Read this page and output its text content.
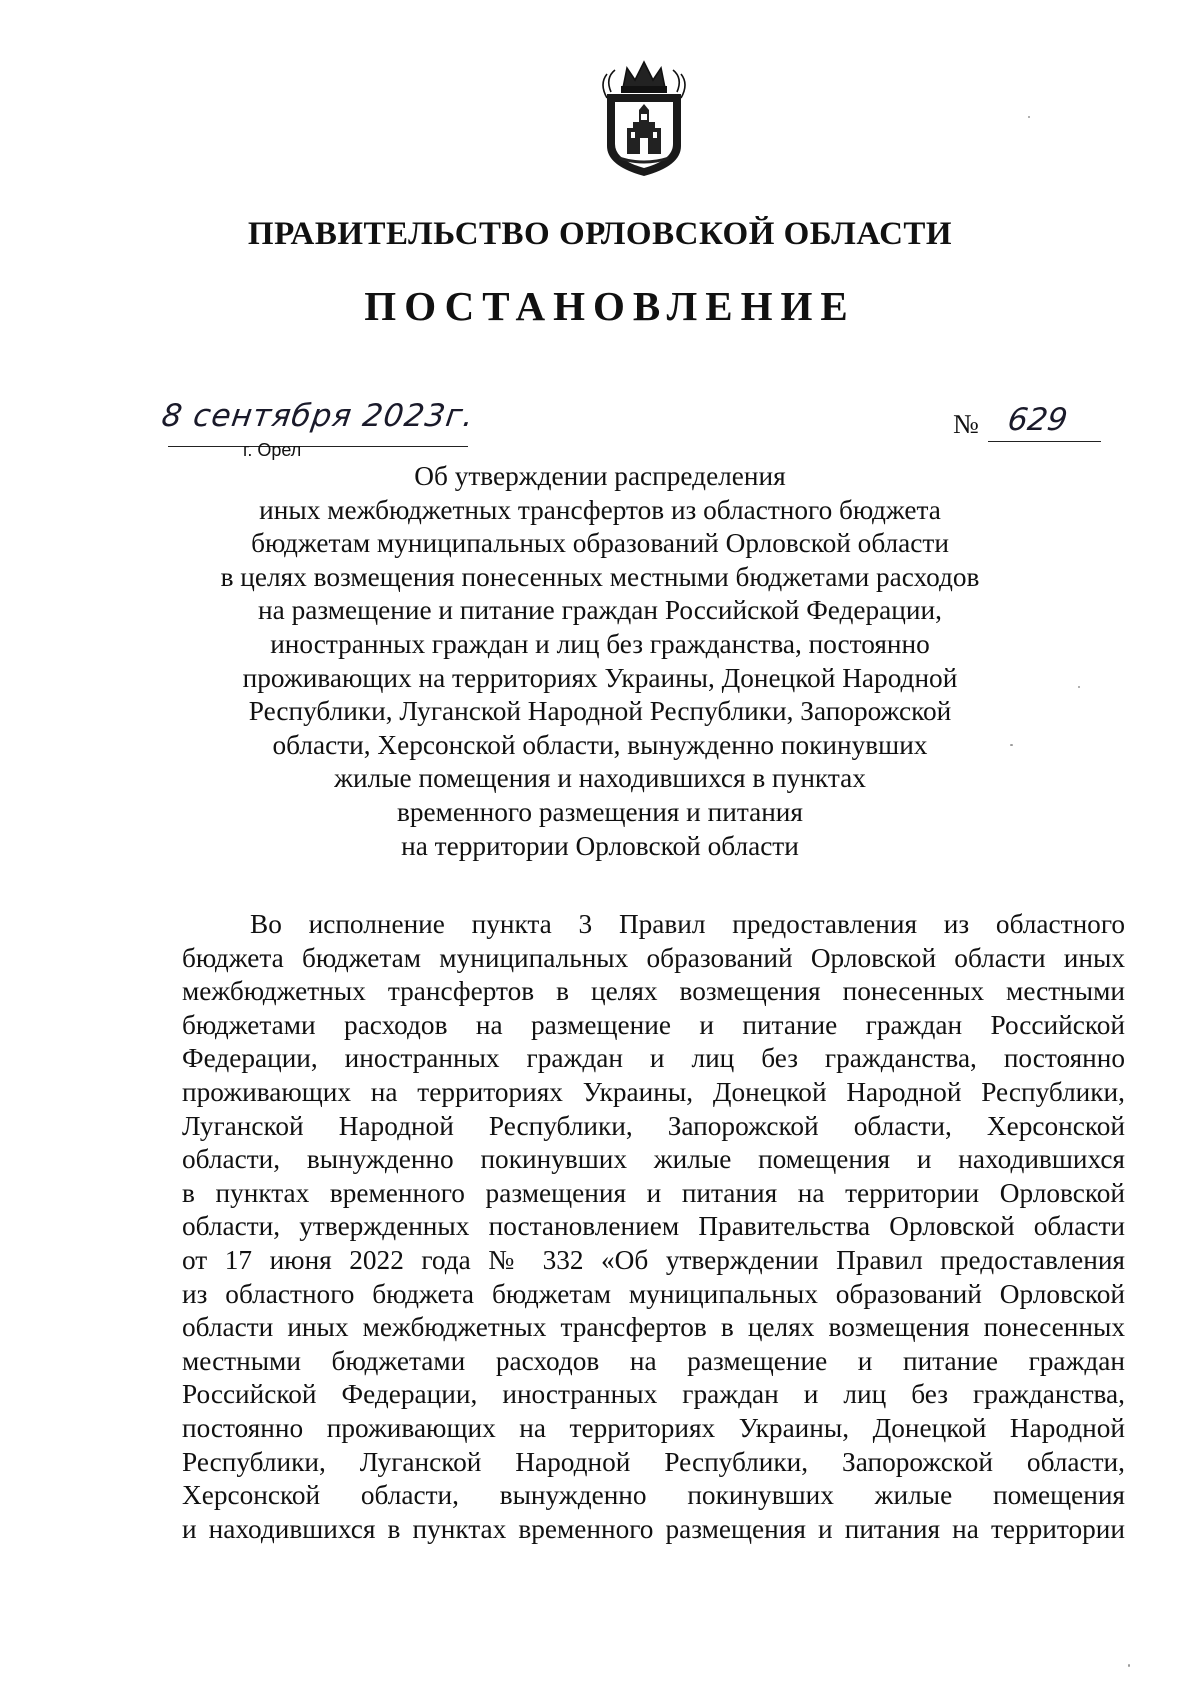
ПРАВИТЕЛЬСТВО ОРЛОВСКОЙ ОБЛАСТИ
ПОСТАНОВЛЕНИЕ
8 сентября 2023г.
г. Орел
№ 629
Об утверждении распределения
иных межбюджетных трансфертов из областного бюджета
бюджетам муниципальных образований Орловской области
в целях возмещения понесенных местными бюджетами расходов
на размещение и питание граждан Российской Федерации,
иностранных граждан и лиц без гражданства, постоянно
проживающих на территориях Украины, Донецкой Народной
Республики, Луганской Народной Республики, Запорожской
области, Херсонской области, вынужденно покинувших
жилые помещения и находившихся в пунктах
временного размещения и питания
на территории Орловской области
Во исполнение пункта 3 Правил предоставления из областного
бюджета бюджетам муниципальных образований Орловской области иных
межбюджетных трансфертов в целях возмещения понесенных местными
бюджетами расходов на размещение и питание граждан Российской
Федерации, иностранных граждан и лиц без гражданства, постоянно
проживающих на территориях Украины, Донецкой Народной Республики,
Луганской Народной Республики, Запорожской области, Херсонской
области, вынужденно покинувших жилые помещения и находившихся
в пунктах временного размещения и питания на территории Орловской
области, утвержденных постановлением Правительства Орловской области
от 17 июня 2022 года № 332 «Об утверждении Правил предоставления
из областного бюджета бюджетам муниципальных образований Орловской
области иных межбюджетных трансфертов в целях возмещения понесенных
местными бюджетами расходов на размещение и питание граждан
Российской Федерации, иностранных граждан и лиц без гражданства,
постоянно проживающих на территориях Украины, Донецкой Народной
Республики, Луганской Народной Республики, Запорожской области,
Херсонской области, вынужденно покинувших жилые помещения
и находившихся в пунктах временного размещения и питания на территории
